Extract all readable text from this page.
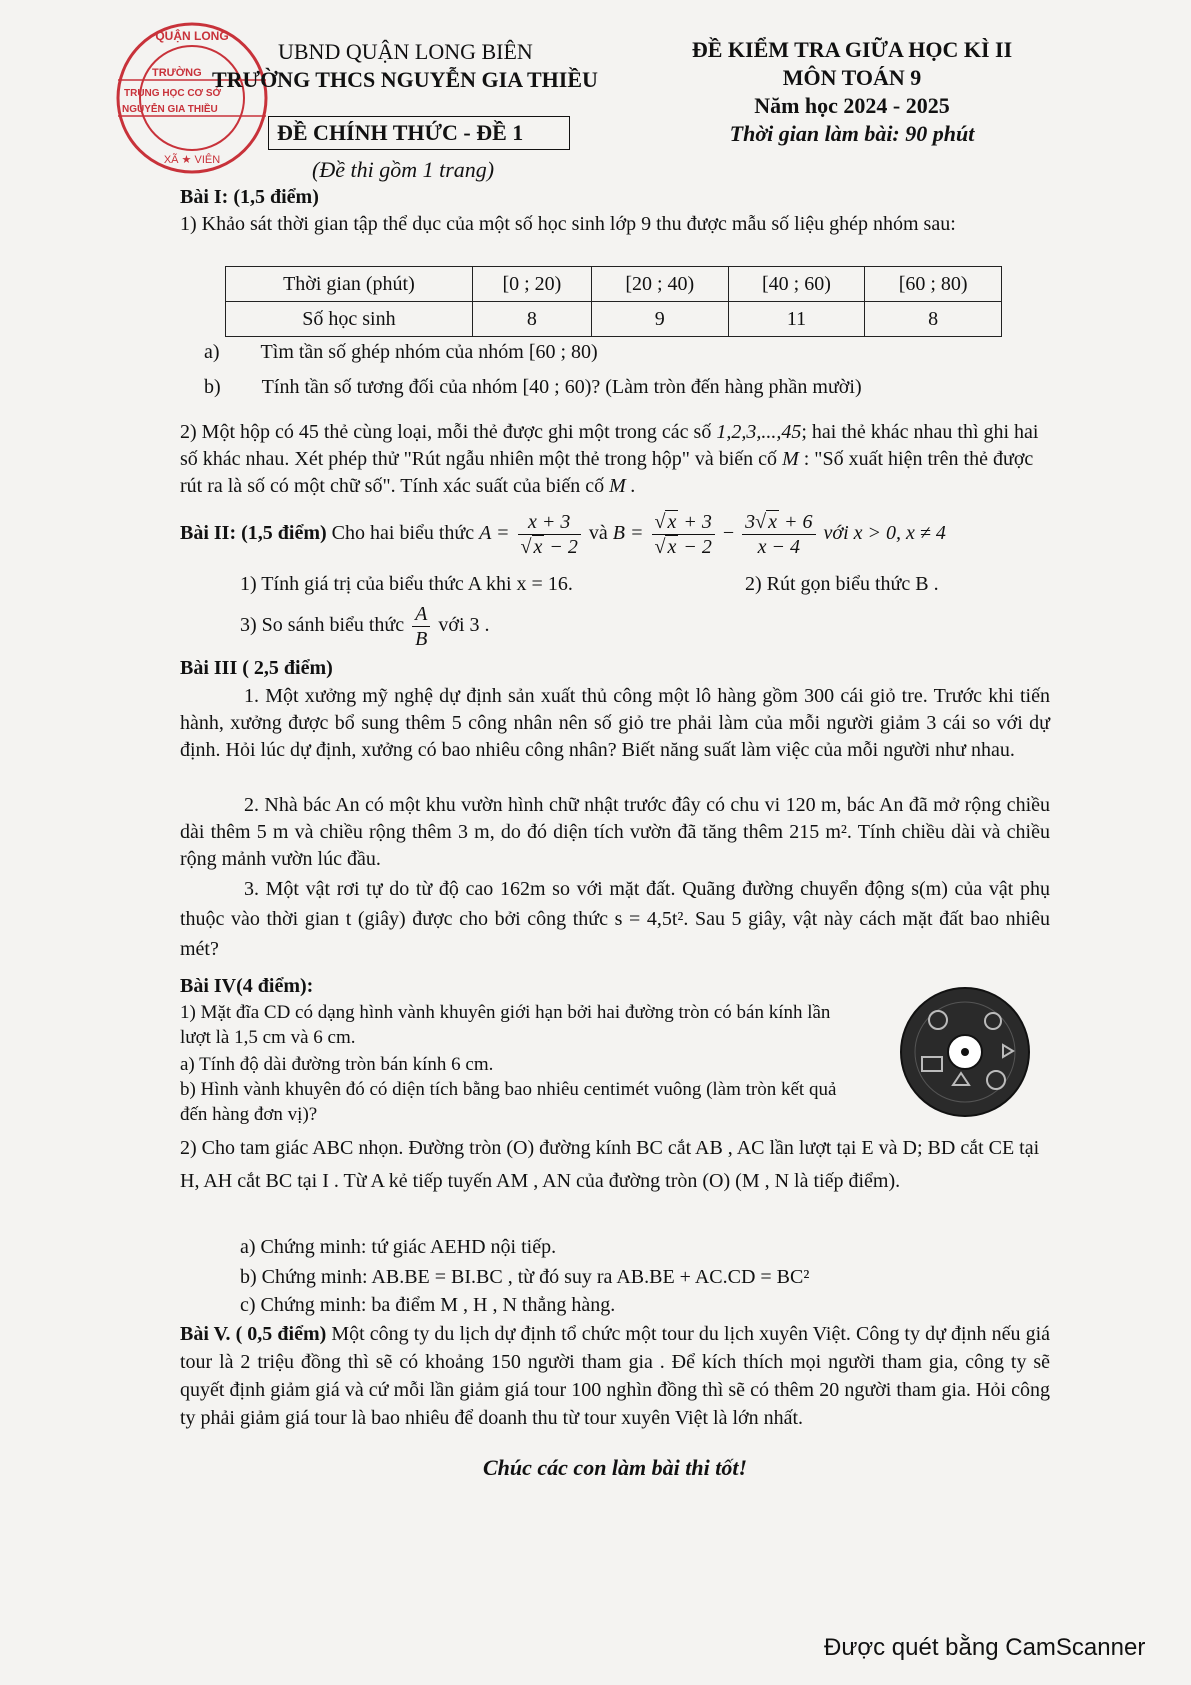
QUẬN LONG
TRƯỜNG
TRUNG HỌC CƠ SỞ
NGUYỄN GIA THIỀU
XÃ ★ VIÊN
UBND QUẬN LONG BIÊN
TRƯỜNG THCS NGUYỄN GIA THIỀU
ĐỀ CHÍNH THỨC - ĐỀ 1
(Đề thi gồm 1 trang)
ĐỀ KIỂM TRA GIỮA HỌC KÌ II
MÔN TOÁN 9
Năm học 2024 - 2025
Thời gian làm bài: 90 phút
Bài I: (1,5 điểm)
1) Khảo sát thời gian tập thể dục của một số học sinh lớp 9 thu được mẫu số liệu ghép nhóm sau:
Thời gian (phút)	[0 ; 20)	[20 ; 40)	[40 ; 60)	[60 ; 80)
Số học sinh	8	9	11	8
a) Tìm tần số ghép nhóm của nhóm [60 ; 80)
b) Tính tần số tương đối của nhóm [40 ; 60)? (Làm tròn đến hàng phần mười)
2) Một hộp có 45 thẻ cùng loại, mỗi thẻ được ghi một trong các số 1,2,3,...,45; hai thẻ khác nhau thì ghi hai số khác nhau. Xét phép thử "Rút ngẫu nhiên một thẻ trong hộp" và biến cố M : "Số xuất hiện trên thẻ được rút ra là số có một chữ số". Tính xác suất của biến cố M .
Bài II: (1,5 điểm) Cho hai biểu thức $A = \frac{x + 3}{√ x - 2}$ và $B = \frac{√ x + 3}{√ x - 2} - \frac{3√ x + 6}{x - 4}$ với x > 0, x ≠ 4
1) Tính giá trị của biểu thức A khi x = 16.	2) Rút gọn biểu thức B .
3) So sánh biểu thức $\frac{A}{B}$ với 3 .
Bài III ( 2,5 điểm)
1. Một xưởng mỹ nghệ dự định sản xuất thủ công một lô hàng gồm 300 cái giỏ tre. Trước khi tiến hành, xưởng được bổ sung thêm 5 công nhân nên số giỏ tre phải làm của mỗi người giảm 3 cái so với dự định. Hỏi lúc dự định, xưởng có bao nhiêu công nhân? Biết năng suất làm việc của mỗi người như nhau.
2. Nhà bác An có một khu vườn hình chữ nhật trước đây có chu vi 120 m, bác An đã mở rộng chiều dài thêm 5 m và chiều rộng thêm 3 m, do đó diện tích vườn đã tăng thêm 215 m². Tính chiều dài và chiều rộng mảnh vườn lúc đầu.
3. Một vật rơi tự do từ độ cao 162m so với mặt đất. Quãng đường chuyển động s(m) của vật phụ thuộc vào thời gian t (giây) được cho bởi công thức s = 4,5t². Sau 5 giây, vật này cách mặt đất bao nhiêu mét?
Bài IV(4 điểm):
1) Mặt đĩa CD có dạng hình vành khuyên giới hạn bởi hai đường tròn có bán kính lần lượt là 1,5 cm và 6 cm.
a) Tính độ dài đường tròn bán kính 6 cm.
b) Hình vành khuyên đó có diện tích bằng bao nhiêu centimét vuông (làm tròn kết quả đến hàng đơn vị)?
2) Cho tam giác ABC nhọn. Đường tròn (O) đường kính BC cắt AB , AC lần lượt tại E và D; BD cắt CE tại H, AH cắt BC tại I . Từ A kẻ tiếp tuyến AM , AN của đường tròn (O) (M , N là tiếp điểm).
a) Chứng minh: tứ giác AEHD nội tiếp.
b) Chứng minh: AB.BE = BI.BC , từ đó suy ra AB.BE + AC.CD = BC²
c) Chứng minh: ba điểm M , H , N thẳng hàng.
Bài V. ( 0,5 điểm) Một công ty du lịch dự định tổ chức một tour du lịch xuyên Việt. Công ty dự định nếu giá tour là 2 triệu đồng thì sẽ có khoảng 150 người tham gia . Để kích thích mọi người tham gia, công ty sẽ quyết định giảm giá và cứ mỗi lần giảm giá tour 100 nghìn đồng thì sẽ có thêm 20 người tham gia. Hỏi công ty phải giảm giá tour là bao nhiêu để doanh thu từ tour xuyên Việt là lớn nhất.
Chúc các con làm bài thi tốt!
Được quét bằng CamScanner
